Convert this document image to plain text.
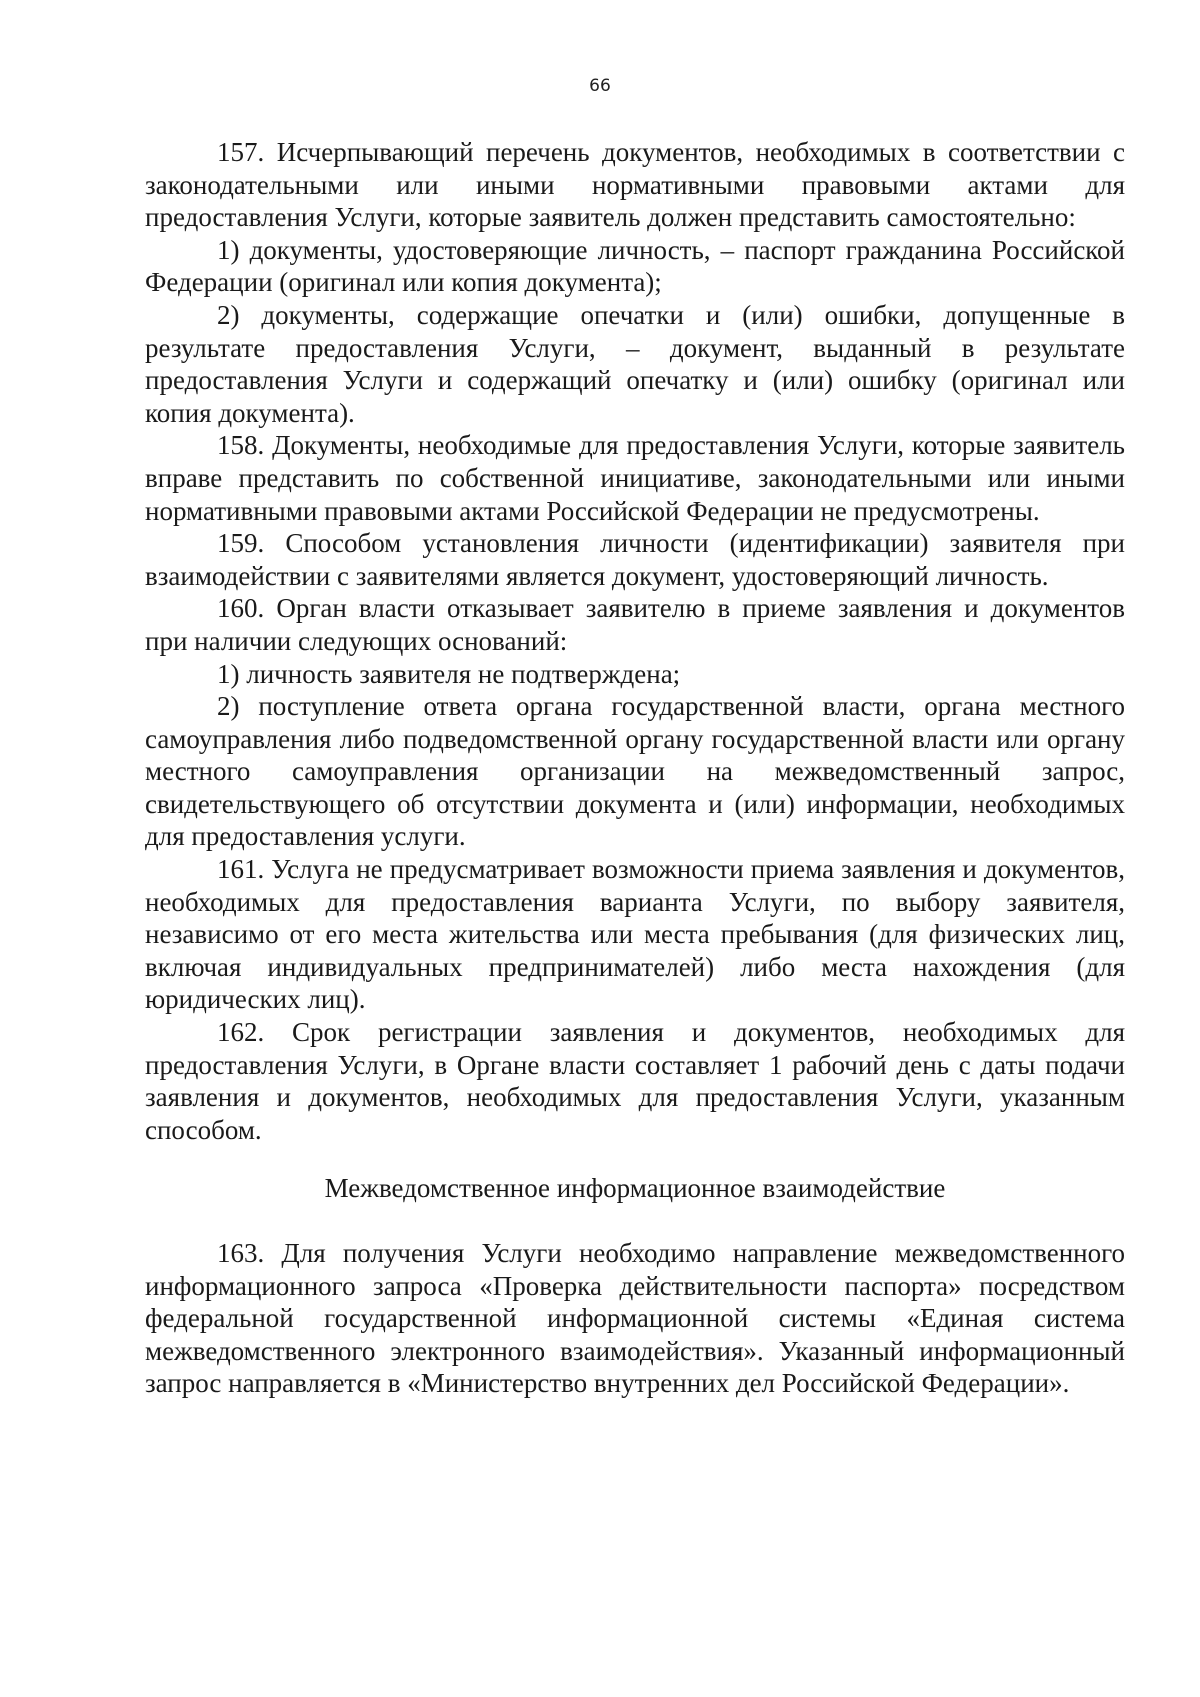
66

157. Исчерпывающий перечень документов, необходимых в соответствии с законодательными или иными нормативными правовыми актами для предоставления Услуги, которые заявитель должен представить самостоятельно:

1) документы, удостоверяющие личность, – паспорт гражданина Российской Федерации (оригинал или копия документа);

2) документы, содержащие опечатки и (или) ошибки, допущенные в результате предоставления Услуги, – документ, выданный в результате предоставления Услуги и содержащий опечатку и (или) ошибку (оригинал или копия документа).

158. Документы, необходимые для предоставления Услуги, которые заявитель вправе представить по собственной инициативе, законодательными или иными нормативными правовыми актами Российской Федерации не предусмотрены.

159. Способом установления личности (идентификации) заявителя при взаимодействии с заявителями является документ, удостоверяющий личность.

160. Орган власти отказывает заявителю в приеме заявления и документов при наличии следующих оснований:

1) личность заявителя не подтверждена;

2) поступление ответа органа государственной власти, органа местного самоуправления либо подведомственной органу государственной власти или органу местного самоуправления организации на межведомственный запрос, свидетельствующего об отсутствии документа и (или) информации, необходимых для предоставления услуги.

161. Услуга не предусматривает возможности приема заявления и документов, необходимых для предоставления варианта Услуги, по выбору заявителя, независимо от его места жительства или места пребывания (для физических лиц, включая индивидуальных предпринимателей) либо места нахождения (для юридических лиц).

162. Срок регистрации заявления и документов, необходимых для предоставления Услуги, в Органе власти составляет 1 рабочий день с даты подачи заявления и документов, необходимых для предоставления Услуги, указанным способом.

Межведомственное информационное взаимодействие

163. Для получения Услуги необходимо направление межведомственного информационного запроса «Проверка действительности паспорта» посредством федеральной государственной информационной системы «Единая система межведомственного электронного взаимодействия». Указанный информационный запрос направляется в «Министерство внутренних дел Российской Федерации».
